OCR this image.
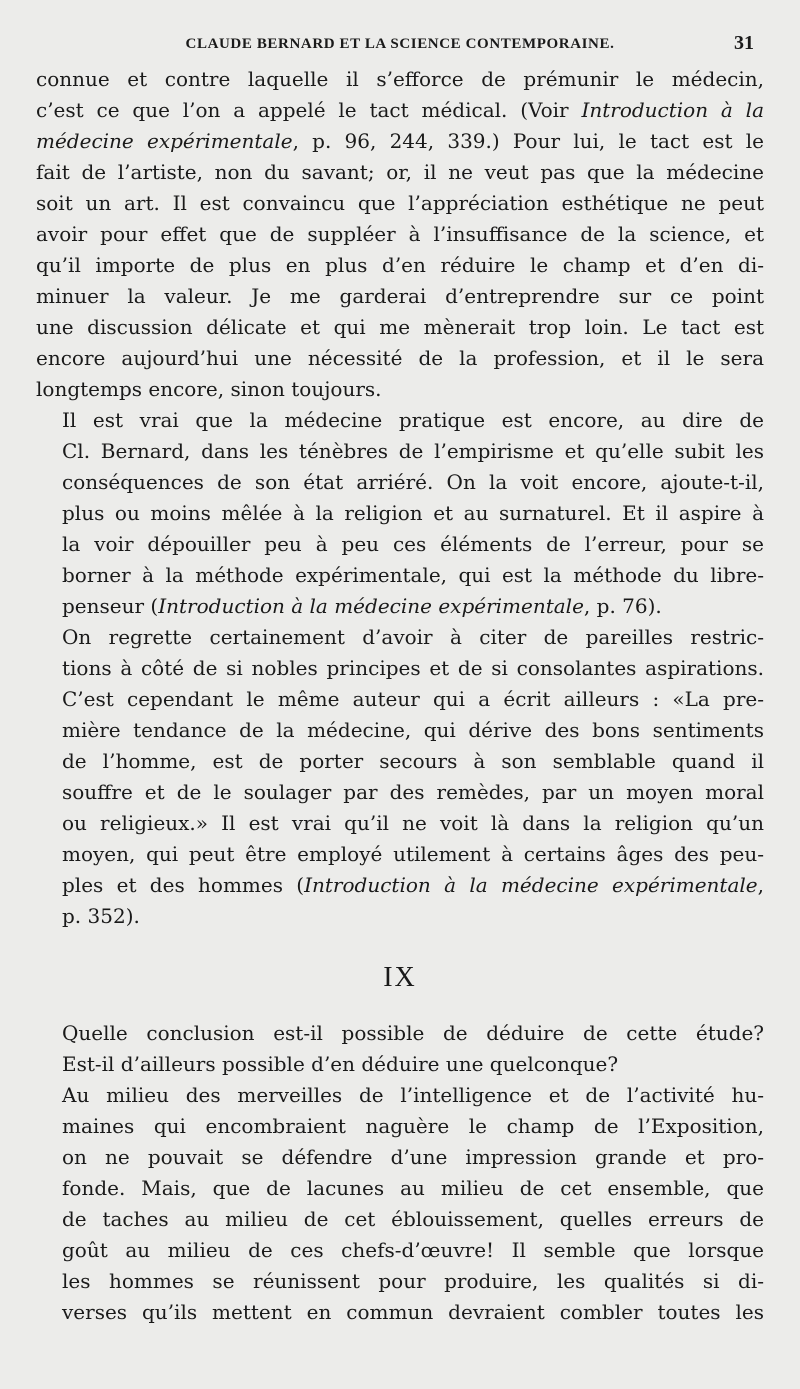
CLAUDE BERNARD ET LA SCIENCE CONTEMPORAINE.	31
connue et contre laquelle il s’efforce de prémunir le médecin,
c’est ce que l’on a appelé le tact médical. (Voir Introduction à la
médecine expérimentale, p. 96, 244, 339.) Pour lui, le tact est le
fait de l’artiste, non du savant; or, il ne veut pas que la médecine
soit un art. Il est convaincu que l’appréciation esthétique ne peut
avoir pour effet que de suppléer à l’insuffisance de la science, et
qu’il importe de plus en plus d’en réduire le champ et d’en di-
minuer la valeur. Je me garderai d’entreprendre sur ce point
une discussion délicate et qui me mènerait trop loin. Le tact est
encore aujourd’hui une nécessité de la profession, et il le sera
longtemps encore, sinon toujours.
Il est vrai que la médecine pratique est encore, au dire de
Cl. Bernard, dans les ténèbres de l’empirisme et qu’elle subit les
conséquences de son état arriéré. On la voit encore, ajoute-t-il,
plus ou moins mêlée à la religion et au surnaturel. Et il aspire à
la voir dépouiller peu à peu ces éléments de l’erreur, pour se
borner à la méthode expérimentale, qui est la méthode du libre-
penseur (Introduction à la médecine expérimentale, p. 76).
On regrette certainement d’avoir à citer de pareilles restric-
tions à côté de si nobles principes et de si consolantes aspirations.
C’est cependant le même auteur qui a écrit ailleurs : «La pre-
mière tendance de la médecine, qui dérive des bons sentiments
de l’homme, est de porter secours à son semblable quand il
souffre et de le soulager par des remèdes, par un moyen moral
ou religieux.» Il est vrai qu’il ne voit là dans la religion qu’un
moyen, qui peut être employé utilement à certains âges des peu-
ples et des hommes (Introduction à la médecine expérimentale,
p. 352).
IX
Quelle conclusion est-il possible de déduire de cette étude?
Est-il d’ailleurs possible d’en déduire une quelconque?
Au milieu des merveilles de l’intelligence et de l’activité hu-
maines qui encombraient naguère le champ de l’Exposition,
on ne pouvait se défendre d’une impression grande et pro-
fonde. Mais, que de lacunes au milieu de cet ensemble, que
de taches au milieu de cet éblouissement, quelles erreurs de
goût au milieu de ces chefs-d’œuvre! Il semble que lorsque
les hommes se réunissent pour produire, les qualités si di-
verses qu’ils mettent en commun devraient combler toutes les
